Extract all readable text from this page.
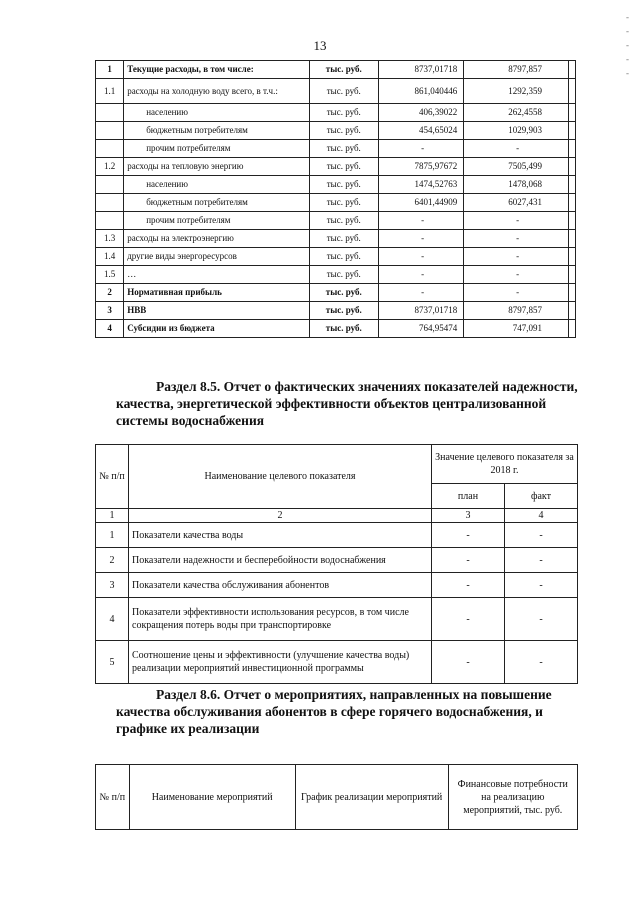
13
- - - - -
1	Текущие расходы, в том числе:	тыс. руб.	8737,01718	8797,857	
1.1	расходы на холодную воду всего, в т.ч.:	тыс. руб.	861,040446	1292,359	
	населению	тыс. руб.	406,39022	262,4558	
	бюджетным потребителям	тыс. руб.	454,65024	1029,903	
	прочим потребителям	тыс. руб.	-	-	
1.2	расходы на тепловую энергию	тыс. руб.	7875,97672	7505,499	
	населению	тыс. руб.	1474,52763	1478,068	
	бюджетным потребителям	тыс. руб.	6401,44909	6027,431	
	прочим потребителям	тыс. руб.	-	-	
1.3	расходы на электроэнергию	тыс. руб.	-	-	
1.4	другие виды энергоресурсов	тыс. руб.	-	-	
1.5	…	тыс. руб.	-	-	
2	Нормативная прибыль	тыс. руб.	-	-	
3	НВВ	тыс. руб.	8737,01718	8797,857	
4	Субсидии из бюджета	тыс. руб.	764,95474	747,091	

Раздел 8.5. Отчет о фактических значениях показателей надежности,
качества, энергетической эффективности объектов централизованной
системы водоснабжения

№ п/п	Наименование целевого показателя	Значение целевого показателя за 2018 г.	
		план	факт
1	2	3	4
1	Показатели качества воды	-	-
2	Показатели надежности и бесперебойности водоснабжения	-	-
3	Показатели качества обслуживания абонентов	-	-
4	Показатели эффективности использования ресурсов, в том числе сокращения потерь воды при транспортировке	-	-
5	Соотношение цены и эффективности (улучшение качества воды) реализации мероприятий инвестиционной программы	-	-

Раздел 8.6. Отчет о мероприятиях, направленных на повышение
качества обслуживания абонентов в сфере горячего водоснабжения, и
графике их реализации

№ п/п	Наименование мероприятий	График реализации мероприятий	Финансовые потребности на реализацию мероприятий, тыс. руб.
